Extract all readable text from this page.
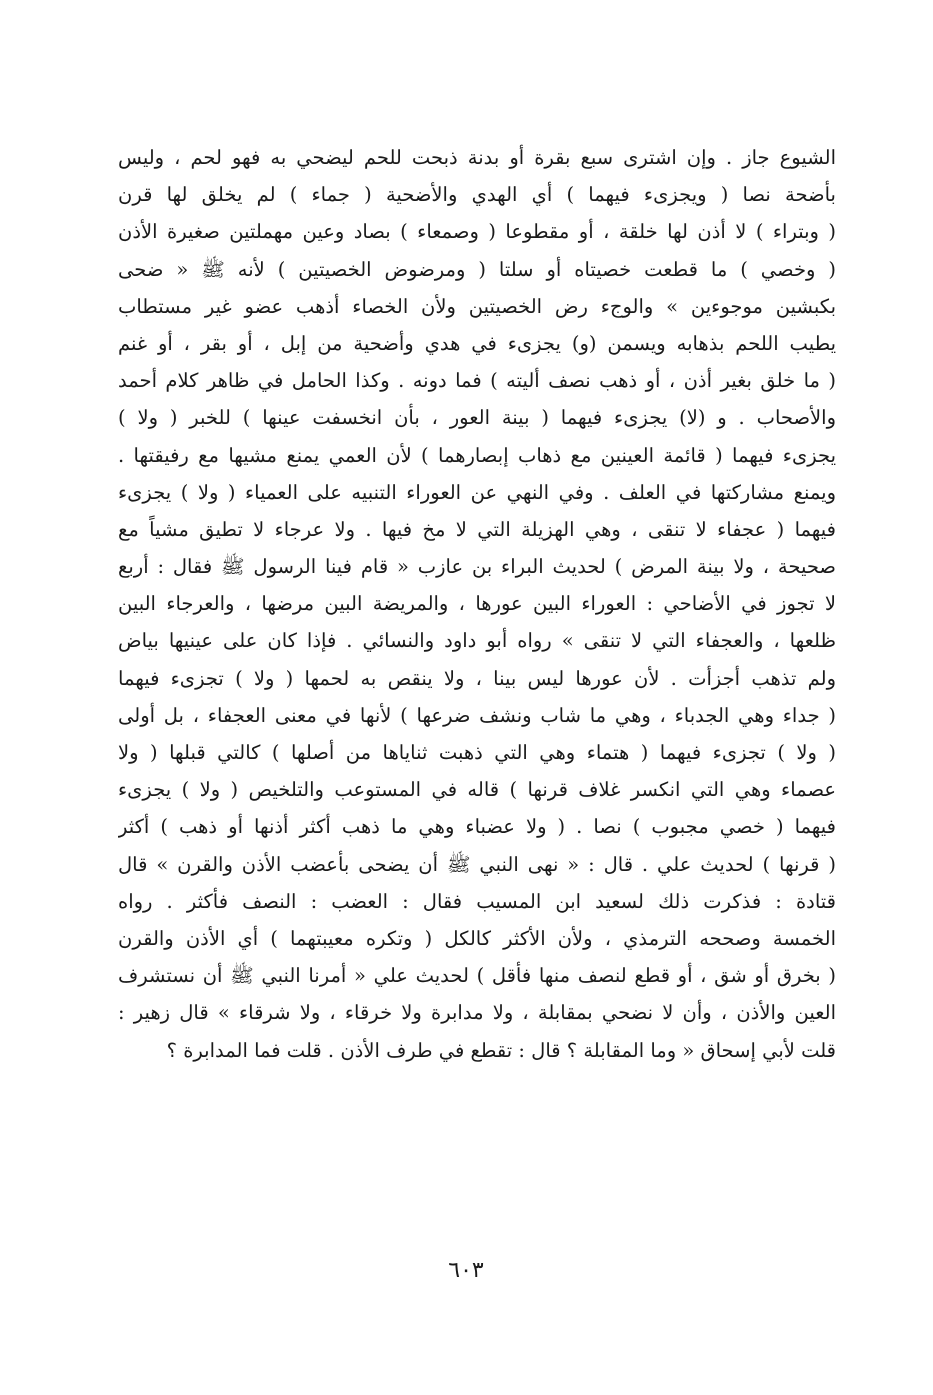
الشيوع جاز . وإن اشترى سبع بقرة أو بدنة ذبحت للحم ليضحي به فهو لحم ، وليس
بأضحة نصا ( ويجزىء فيهما ) أي الهدي والأضحية ( جماء ) لم يخلق لها قرن
( وبتراء ) لا أذن لها خلقة ، أو مقطوعا ( وصمعاء ) بصاد وعين مهملتين صغيرة الأذن
( وخصي ) ما قطعت خصيتاه أو سلتا ( ومرضوض الخصيتين ) لأنه ﷺ « ضحى
بكبشين موجوءين » والوجء رض الخصيتين ولأن الخصاء أذهب عضو غير مستطاب
يطيب اللحم بذهابه ويسمن (و) يجزىء في هدي وأضحية من إبل ، أو بقر ، أو غنم
( ما خلق بغير أذن ، أو ذهب نصف أليته ) فما دونه . وكذا الحامل في ظاهر كلام أحمد
والأصحاب . و (لا) يجزىء فيهما ( بينة العور ، بأن انخسفت عينها ) للخبر ( ولا )
يجزىء فيهما ( قائمة العينين مع ذهاب إبصارهما ) لأن العمي يمنع مشيها مع رفيقتها .
ويمنع مشاركتها في العلف . وفي النهي عن العوراء التنبيه على العمياء ( ولا ) يجزىء
فيهما ( عجفاء لا تنقى ، وهي الهزيلة التي لا مخ فيها . ولا عرجاء لا تطيق مشياً مع
صحيحة ، ولا بينة المرض ) لحديث البراء بن عازب « قام فينا الرسول ﷺ فقال : أربع
لا تجوز في الأضاحي : العوراء البين عورها ، والمريضة البين مرضها ، والعرجاء البين
ظلعها ، والعجفاء التي لا تنقى » رواه أبو داود والنسائي . فإذا كان على عينيها بياض
ولم تذهب أجزأت . لأن عورها ليس بينا ، ولا ينقص به لحمها ( ولا ) تجزىء فيهما
( جداء وهي الجدباء ، وهي ما شاب ونشف ضرعها ) لأنها في معنى العجفاء ، بل أولى
( ولا ) تجزىء فيهما ( هتماء وهي التي ذهبت ثناياها من أصلها ) كالتي قبلها ( ولا
عصماء وهي التي انكسر غلاف قرنها ) قاله في المستوعب والتلخيص ( ولا ) يجزىء
فيهما ( خصي مجبوب ) نصا . ( ولا عضباء وهي ما ذهب أكثر أذنها أو ذهب ) أكثر
( قرنها ) لحديث علي . قال : « نهى النبي ﷺ أن يضحى بأعضب الأذن والقرن » قال
قتادة : فذكرت ذلك لسعيد ابن المسيب فقال : العضب : النصف فأكثر . رواه
الخمسة وصححه الترمذي ، ولأن الأكثر كالكل ( وتكره معيبتهما ) أي الأذن والقرن
( بخرق أو شق ، أو قطع لنصف منها فأقل ) لحديث علي « أمرنا النبي ﷺ أن نستشرف
العين والأذن ، وأن لا نضحي بمقابلة ، ولا مدابرة ولا خرقاء ، ولا شرقاء » قال زهير :
قلت لأبي إسحاق « وما المقابلة ؟ قال : تقطع في طرف الأذن . قلت فما المدابرة ؟
٦٠٣
